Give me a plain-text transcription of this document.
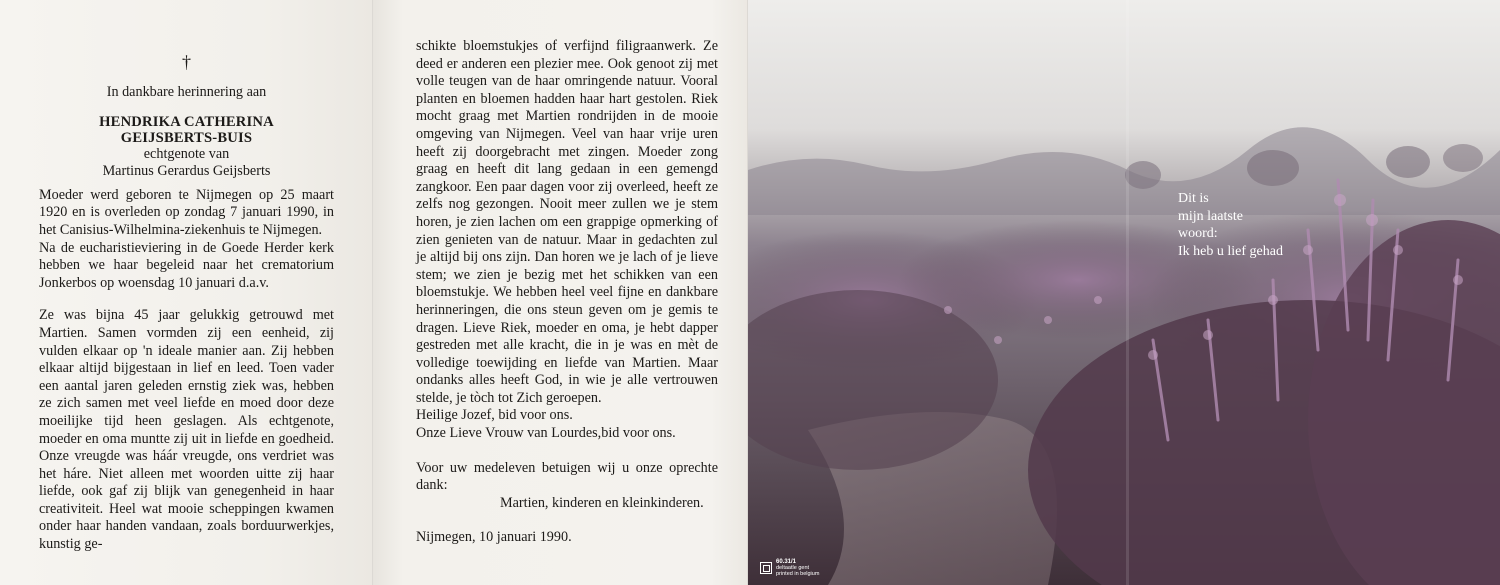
†
In dankbare herinnering aan
HENDRIKA CATHERINA
GEIJSBERTS-BUIS
echtgenote van
Martinus Gerardus Geijsberts
Moeder werd geboren te Nijmegen op 25 maart 1920 en is overleden op zondag 7 januari 1990, in het Canisius-Wilhelmina-ziekenhuis te Nijmegen.
Na de eucharistieviering in de Goede Herder kerk hebben we haar begeleid naar het crematorium Jonkerbos op woensdag 10 januari d.a.v.
Ze was bijna 45 jaar gelukkig getrouwd met Martien. Samen vormden zij een eenheid, zij vulden elkaar op 'n ideale manier aan. Zij hebben elkaar altijd bijgestaan in lief en leed. Toen vader een aantal jaren geleden ernstig ziek was, hebben ze zich samen met veel liefde en moed door deze moeilijke tijd heen geslagen. Als echtgenote, moeder en oma muntte zij uit in liefde en goedheid. Onze vreugde was háár vreugde, ons verdriet was het háre. Niet alleen met woorden uitte zij haar liefde, ook gaf zij blijk van genegenheid in haar creativiteit. Heel wat mooie scheppingen kwamen onder haar handen vandaan, zoals borduurwerkjes, kunstig ge-
schikte bloemstukjes of verfijnd filigraanwerk. Ze deed er anderen een plezier mee. Ook genoot zij met volle teugen van de haar omringende natuur. Vooral planten en bloemen hadden haar hart gestolen. Riek mocht graag met Martien rondrijden in de mooie omgeving van Nijmegen. Veel van haar vrije uren heeft zij doorgebracht met zingen. Moeder zong graag en heeft dit lang gedaan in een gemengd zangkoor. Een paar dagen voor zij overleed, heeft ze zelfs nog gezongen. Nooit meer zullen we je stem horen, je zien lachen om een grappige opmerking of zien genieten van de natuur. Maar in gedachten zul je altijd bij ons zijn. Dan horen we je lach of je lieve stem; we zien je bezig met het schikken van een bloemstukje. We hebben heel veel fijne en dankbare herinneringen, die ons steun geven om je gemis te dragen. Lieve Riek, moeder en oma, je hebt dapper gestreden met alle kracht, die in je was en mèt de volledige toewijding en liefde van Martien. Maar ondanks alles heeft God, in wie je alle vertrouwen stelde, je tòch tot Zich geroepen.
Heilige Jozef, bid voor ons.
Onze Lieve Vrouw van Lourdes,bid voor ons.
Voor uw medeleven betuigen wij u onze oprechte dank:
Martien, kinderen en kleinkinderen.
Nijmegen, 10 januari 1990.
Dit is
mijn laatste
woord:
Ik heb u lief gehad
60.31/1
deltaatle gent
printed in belgium
